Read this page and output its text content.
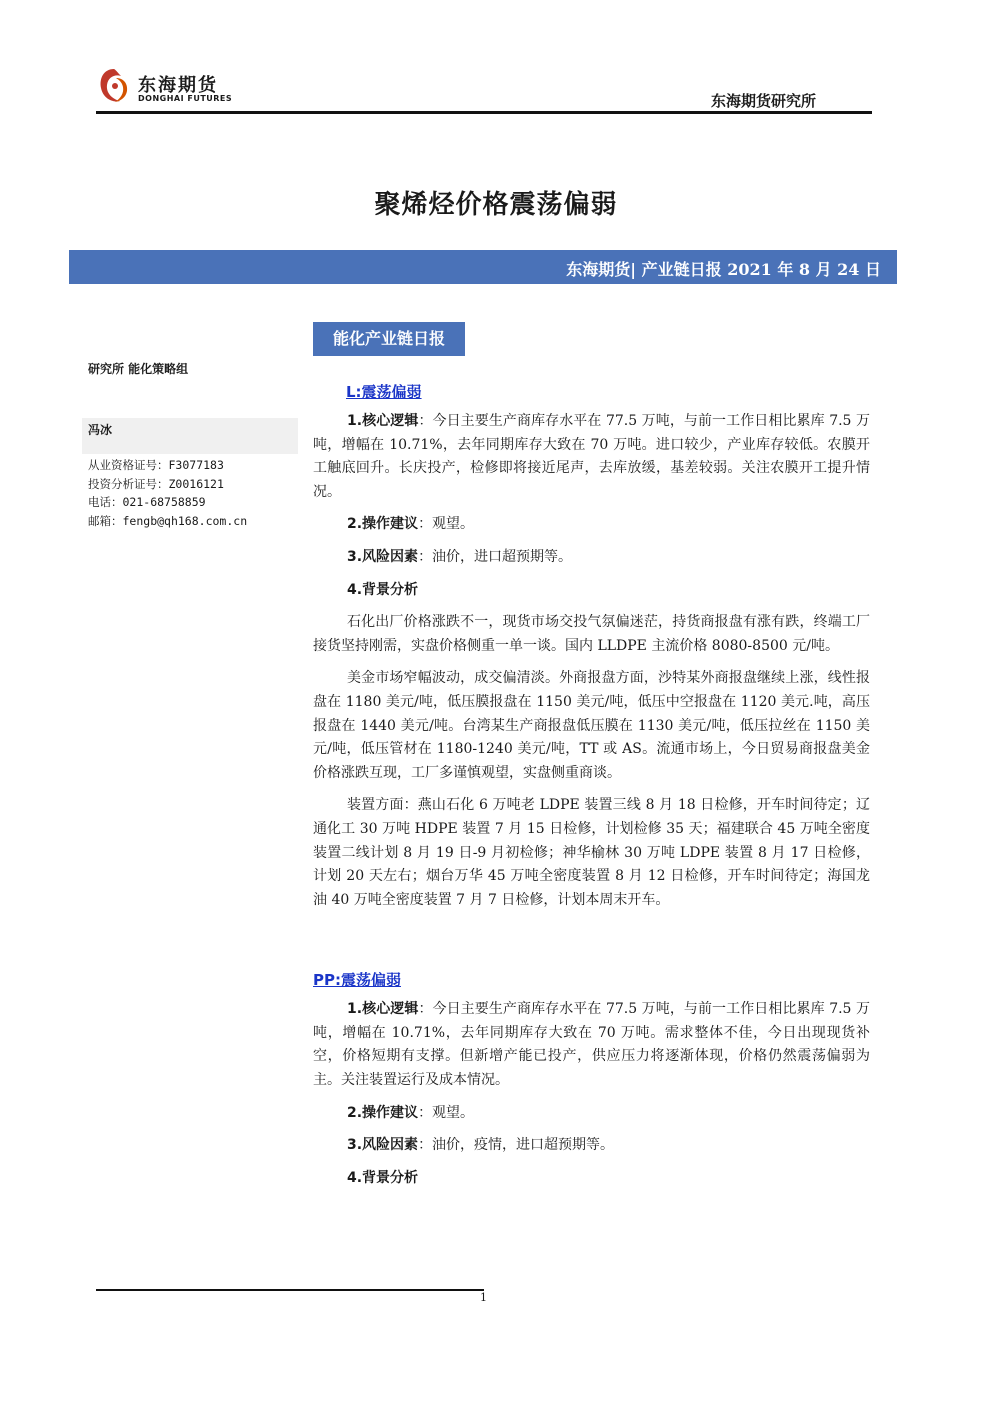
东海期货
DONGHAI FUTURES	东海期货研究所
聚烯烃价格震荡偏弱
东海期货| 产业链日报 2021 年 8 月 24 日
能化产业链日报
研究所 能化策略组
冯冰
从业资格证号：F3077183
投资分析证号：Z0016121
电话：021-68758859
邮箱：fengb@qh168.com.cn
L:震荡偏弱

1.核心逻辑：今日主要生产商库存水平在 77.5 万吨，与前一工作日相比累库 7.5 万吨，增幅在 10.71%，去年同期库存大致在 70 万吨。进口较少，产业库存较低。农膜开工触底回升。长庆投产，检修即将接近尾声，去库放缓，基差较弱。关注农膜开工提升情况。

2.操作建议：观望。

3.风险因素：油价，进口超预期等。

4.背景分析

石化出厂价格涨跌不一，现货市场交投气氛偏迷茫，持货商报盘有涨有跌，终端工厂接货坚持刚需，实盘价格侧重一单一谈。国内 LLDPE 主流价格 8080-8500 元/吨。

美金市场窄幅波动，成交偏清淡。外商报盘方面，沙特某外商报盘继续上涨，线性报盘在 1180 美元/吨，低压膜报盘在 1150 美元/吨，低压中空报盘在 1120 美元.吨，高压报盘在 1440 美元/吨。台湾某生产商报盘低压膜在 1130 美元/吨，低压拉丝在 1150 美元/吨，低压管材在 1180-1240 美元/吨，TT 或 AS。流通市场上，今日贸易商报盘美金价格涨跌互现，工厂多谨慎观望，实盘侧重商谈。

装置方面：燕山石化 6 万吨老 LDPE 装置三线 8 月 18 日检修，开车时间待定；辽通化工 30 万吨 HDPE 装置 7 月 15 日检修，计划检修 35 天；福建联合 45 万吨全密度装置二线计划 8 月 19 日-9 月初检修；神华榆林 30 万吨 LDPE 装置 8 月 17 日检修，计划 20 天左右；烟台万华 45 万吨全密度装置 8 月 12 日检修，开车时间待定；海国龙油 40 万吨全密度装置 7 月 7 日检修，计划本周末开车。

PP:震荡偏弱

1.核心逻辑：今日主要生产商库存水平在 77.5 万吨，与前一工作日相比累库 7.5 万吨，增幅在 10.71%，去年同期库存大致在 70 万吨。需求整体不佳，今日出现现货补空，价格短期有支撑。但新增产能已投产，供应压力将逐渐体现，价格仍然震荡偏弱为主。关注装置运行及成本情况。

2.操作建议：观望。

3.风险因素：油价，疫情，进口超预期等。

4.背景分析

1
